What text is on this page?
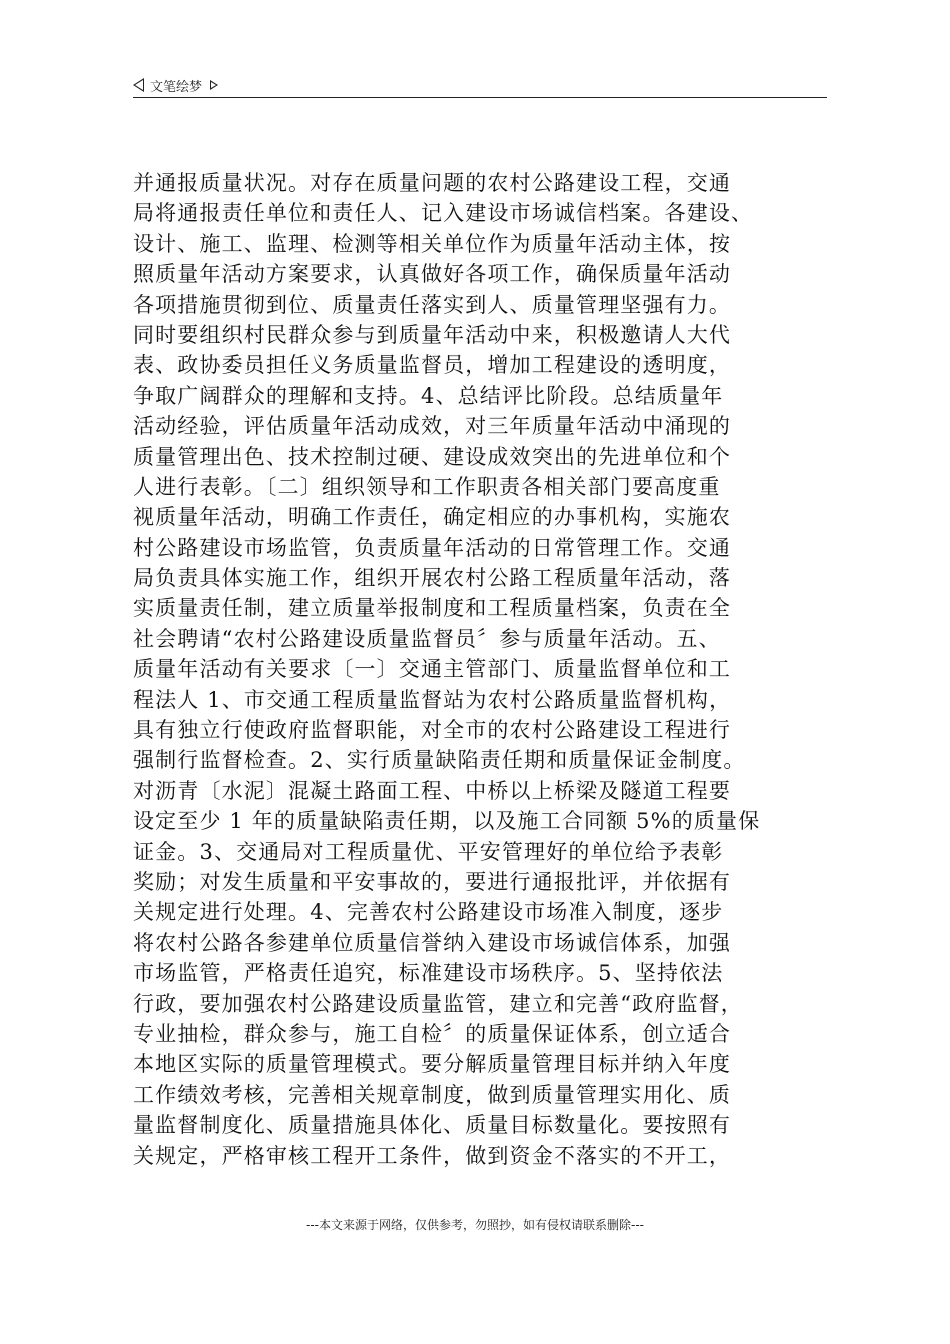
文笔绘梦
并通报质量状况。对存在质量问题的农村公路建设工程，交通
局将通报责任单位和责任人、记入建设市场诚信档案。各建设、
设计、施工、监理、检测等相关单位作为质量年活动主体，按
照质量年活动方案要求，认真做好各项工作，确保质量年活动
各项措施贯彻到位、质量责任落实到人、质量管理坚强有力。
同时要组织村民群众参与到质量年活动中来，积极邀请人大代
表、政协委员担任义务质量监督员，增加工程建设的透明度，
争取广阔群众的理解和支持。4、总结评比阶段。总结质量年
活动经验，评估质量年活动成效，对三年质量年活动中涌现的
质量管理出色、技术控制过硬、建设成效突出的先进单位和个
人进行表彰。〔二〕组织领导和工作职责各相关部门要高度重
视质量年活动，明确工作责任，确定相应的办事机构，实施农
村公路建设市场监管，负责质量年活动的日常管理工作。交通
局负责具体实施工作，组织开展农村公路工程质量年活动，落
实质量责任制，建立质量举报制度和工程质量档案，负责在全
社会聘请“农村公路建设质量监督员〞参与质量年活动。五、
质量年活动有关要求〔一〕交通主管部门、质量监督单位和工
程法人 1、市交通工程质量监督站为农村公路质量监督机构，
具有独立行使政府监督职能，对全市的农村公路建设工程进行
强制行监督检查。2、实行质量缺陷责任期和质量保证金制度。
对沥青〔水泥〕混凝土路面工程、中桥以上桥梁及隧道工程要
设定至少 1 年的质量缺陷责任期，以及施工合同额 5%的质量保
证金。3、交通局对工程质量优、平安管理好的单位给予表彰
奖励；对发生质量和平安事故的，要进行通报批评，并依据有
关规定进行处理。4、完善农村公路建设市场准入制度，逐步
将农村公路各参建单位质量信誉纳入建设市场诚信体系，加强
市场监管，严格责任追究，标准建设市场秩序。5、坚持依法
行政，要加强农村公路建设质量监管，建立和完善“政府监督，
专业抽检，群众参与，施工自检〞的质量保证体系，创立适合
本地区实际的质量管理模式。要分解质量管理目标并纳入年度
工作绩效考核，完善相关规章制度，做到质量管理实用化、质
量监督制度化、质量措施具体化、质量目标数量化。要按照有
关规定，严格审核工程开工条件，做到资金不落实的不开工，
---本文来源于网络，仅供参考，勿照抄，如有侵权请联系删除---
